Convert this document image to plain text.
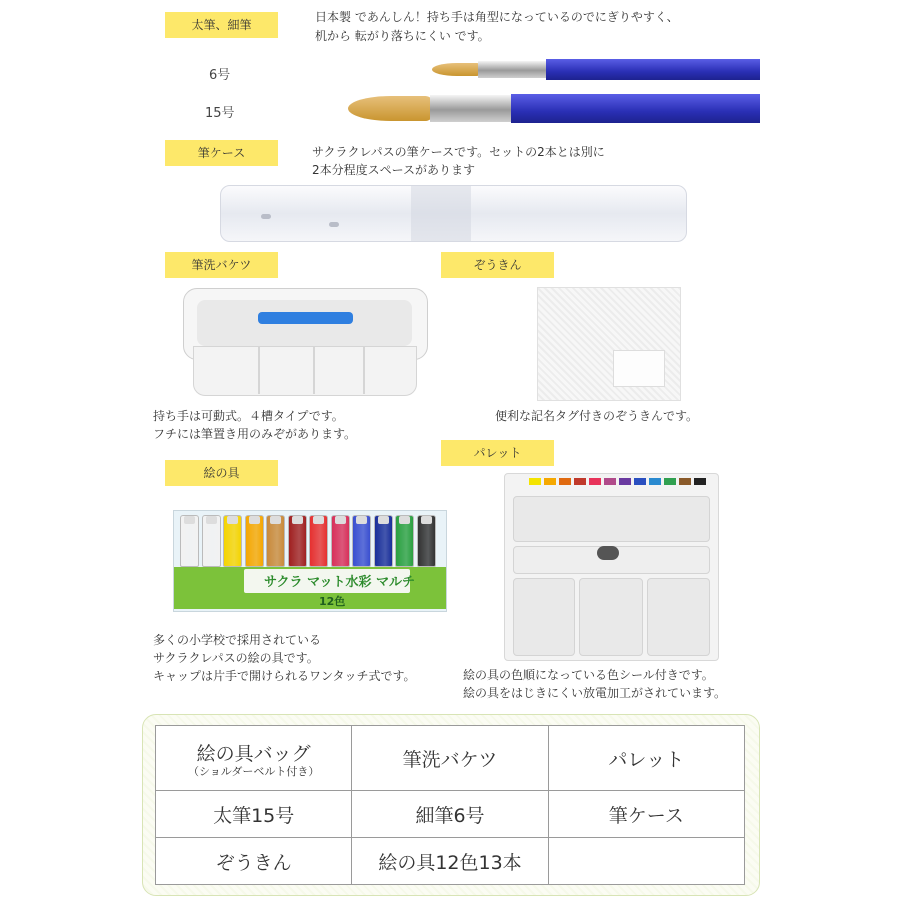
太筆、細筆
日本製 であんしん！持ち手は角型になっているのでにぎりやすく、
机から 転がり落ちにくい です。
6号
15号
筆ケース	サクラクレパスの筆ケースです。セットの2本とは別に
2本分程度スペースがあります
筆洗バケツ
持ち手は可動式。４槽タイプです。
フチには筆置き用のみぞがあります。
ぞうきん
便利な記名タグ付きのぞうきんです。
絵の具
サクラ マット水彩 マルチ
12色
多くの小学校で採用されている
サクラクレパスの絵の具です。
キャップは片手で開けられるワンタッチ式です。
パレット
絵の具の色順になっている色シール付きです。
絵の具をはじきにくい放電加工がされています。
絵の具バッグ
（ショルダーベルト付き）	筆洗バケツ	パレット
太筆15号	細筆6号	筆ケース
ぞうきん	絵の具12色13本	
